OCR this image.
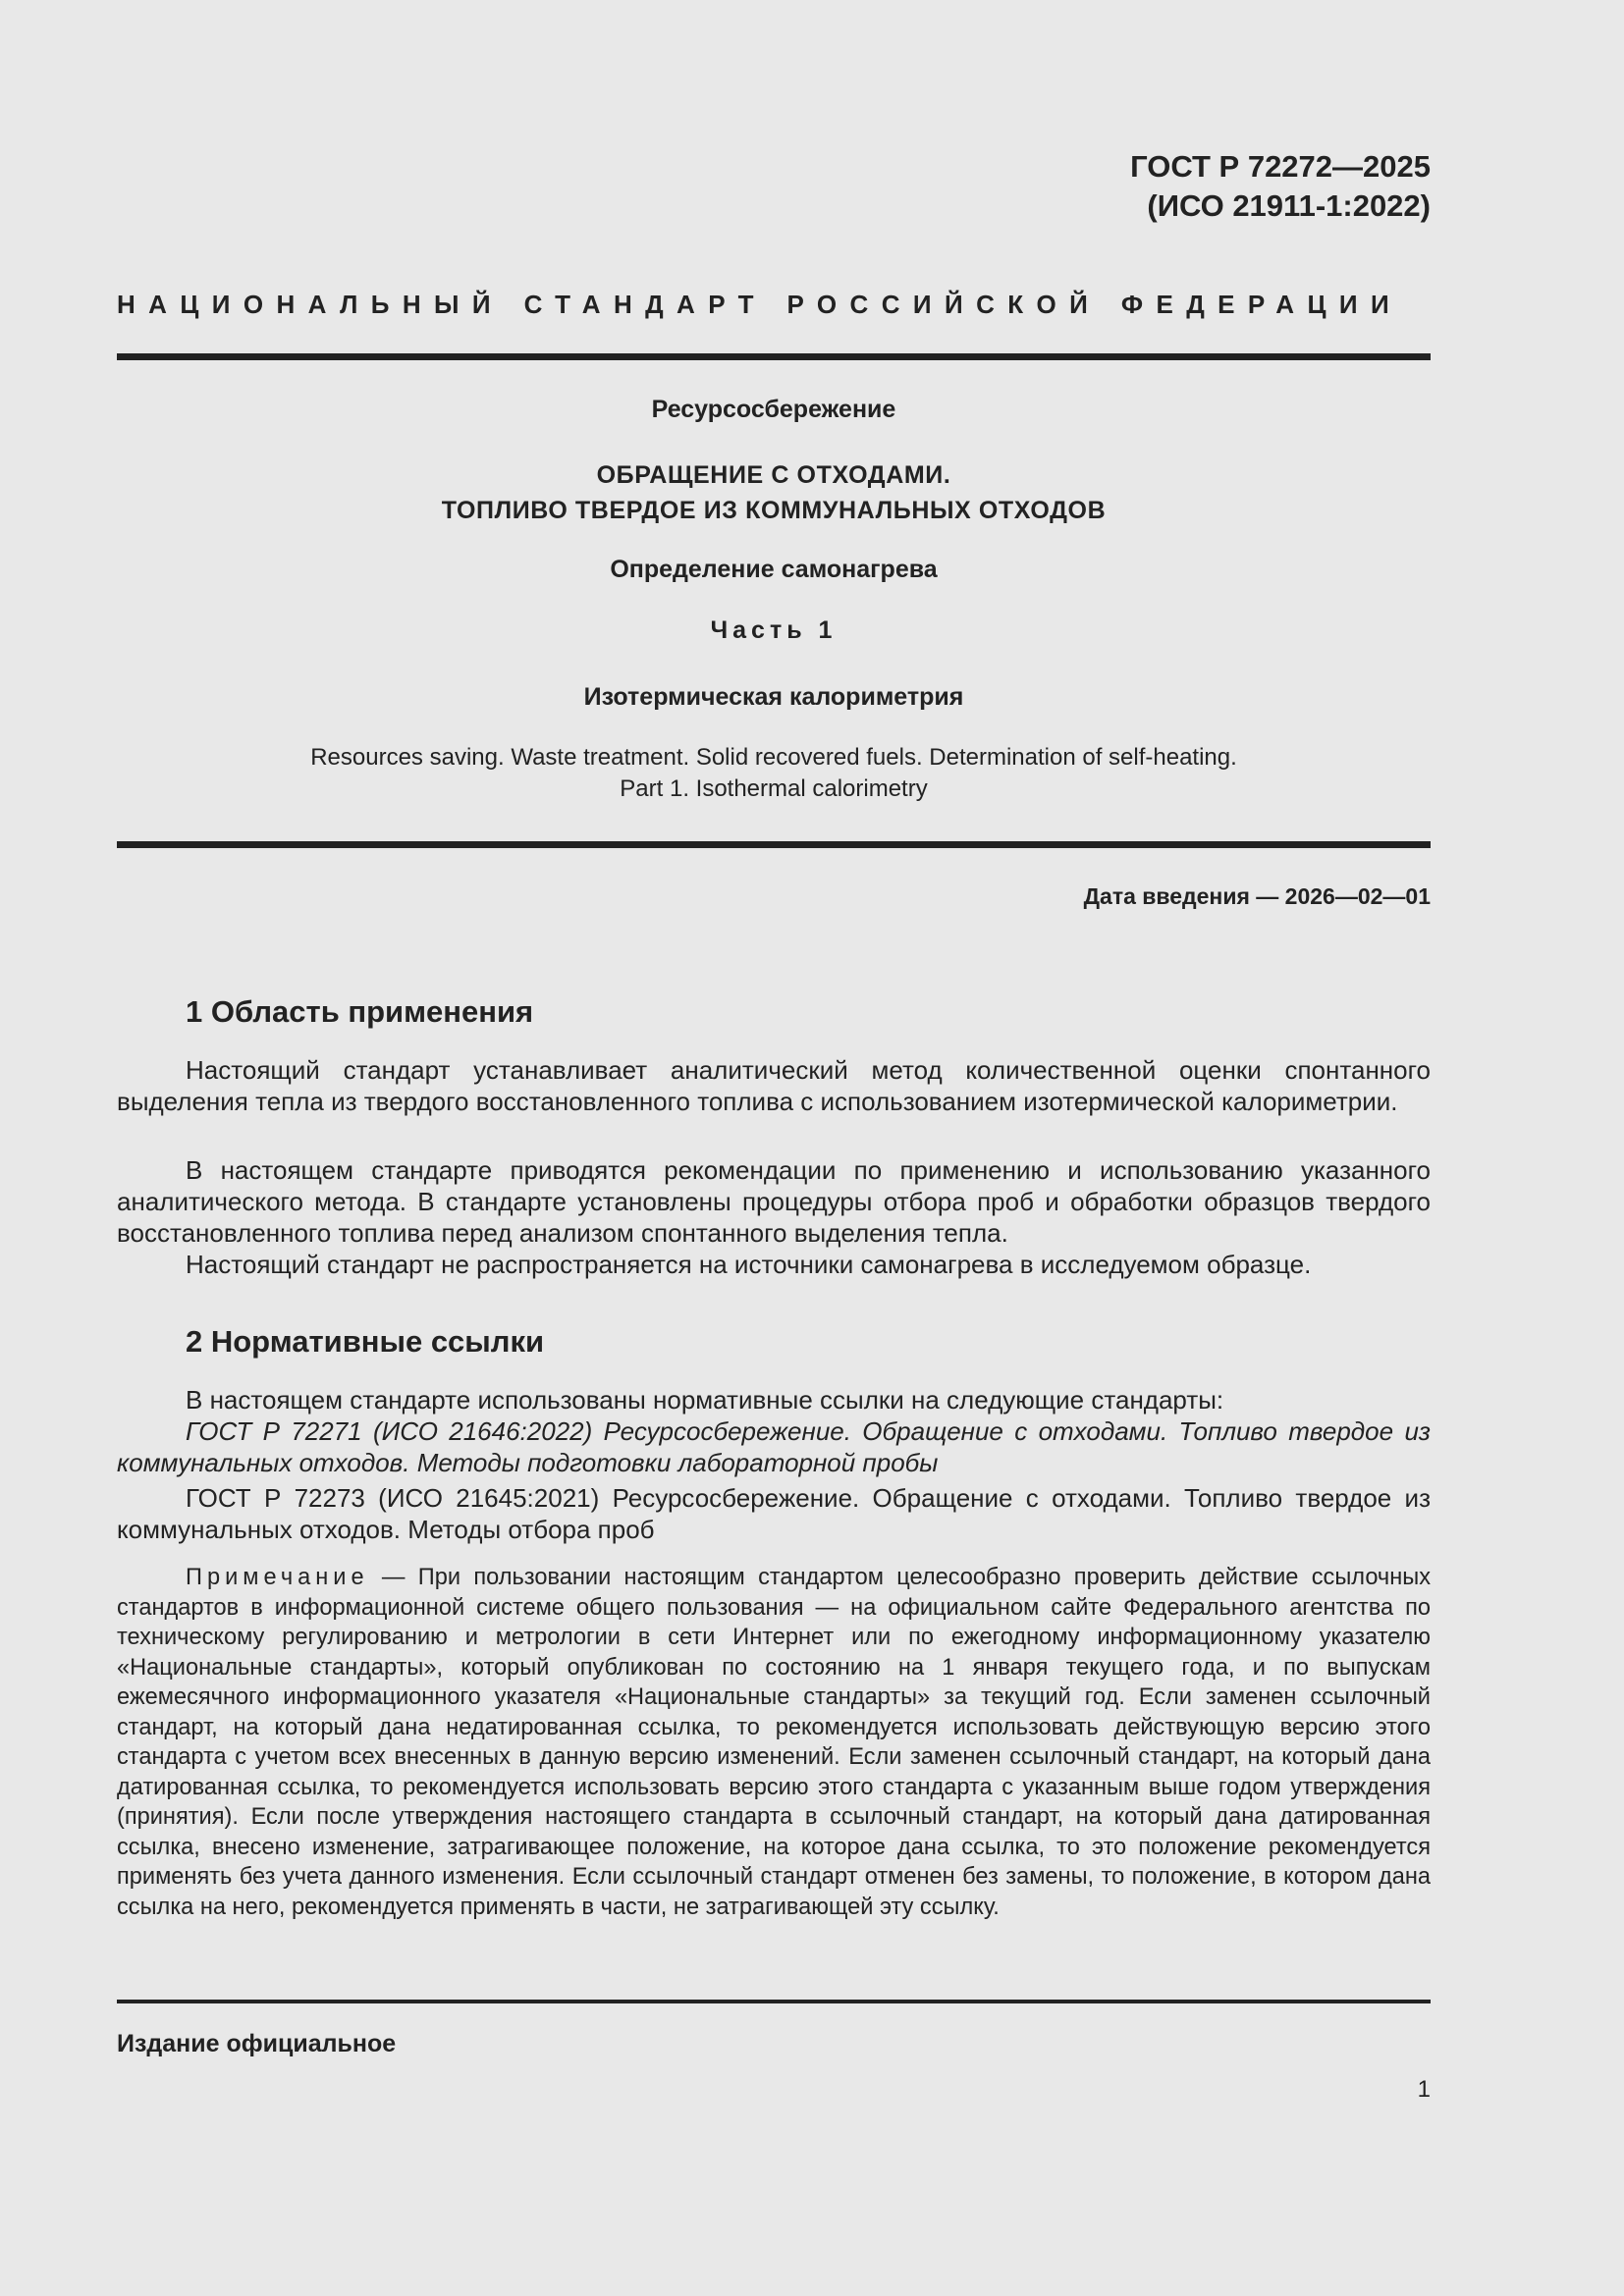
ГОСТ Р 72272—2025
(ИСО 21911-1:2022)
НАЦИОНАЛЬНЫЙ СТАНДАРТ РОССИЙСКОЙ ФЕДЕРАЦИИ
Ресурсосбережение
ОБРАЩЕНИЕ С ОТХОДАМИ.
ТОПЛИВО ТВЕРДОЕ ИЗ КОММУНАЛЬНЫХ ОТХОДОВ
Определение самонагрева
Часть 1
Изотермическая калориметрия
Resources saving. Waste treatment. Solid recovered fuels. Determination of self-heating.
Part 1. Isothermal calorimetry
Дата введения — 2026—02—01
1 Область применения
Настоящий стандарт устанавливает аналитический метод количественной оценки спонтанного выделения тепла из твердого восстановленного топлива с использованием изотермической калориметрии.
В настоящем стандарте приводятся рекомендации по применению и использованию указанного аналитического метода. В стандарте установлены процедуры отбора проб и обработки образцов твердого восстановленного топлива перед анализом спонтанного выделения тепла.
Настоящий стандарт не распространяется на источники самонагрева в исследуемом образце.
2 Нормативные ссылки
В настоящем стандарте использованы нормативные ссылки на следующие стандарты:
ГОСТ Р 72271 (ИСО 21646:2022) Ресурсосбережение. Обращение с отходами. Топливо твердое из коммунальных отходов. Методы подготовки лабораторной пробы
ГОСТ Р 72273 (ИСО 21645:2021) Ресурсосбережение. Обращение с отходами. Топливо твердое из коммунальных отходов. Методы отбора проб
Примечание — При пользовании настоящим стандартом целесообразно проверить действие ссылочных стандартов в информационной системе общего пользования — на официальном сайте Федерального агентства по техническому регулированию и метрологии в сети Интернет или по ежегодному информационному указателю «Национальные стандарты», который опубликован по состоянию на 1 января текущего года, и по выпускам ежемесячного информационного указателя «Национальные стандарты» за текущий год. Если заменен ссылочный стандарт, на который дана недатированная ссылка, то рекомендуется использовать действующую версию этого стандарта с учетом всех внесенных в данную версию изменений. Если заменен ссылочный стандарт, на который дана датированная ссылка, то рекомендуется использовать версию этого стандарта с указанным выше годом утверждения (принятия). Если после утверждения настоящего стандарта в ссылочный стандарт, на который дана датированная ссылка, внесено изменение, затрагивающее положение, на которое дана ссылка, то это положение рекомендуется применять без учета данного изменения. Если ссылочный стандарт отменен без замены, то положение, в котором дана ссылка на него, рекомендуется применять в части, не затрагивающей эту ссылку.
Издание официальное
1
